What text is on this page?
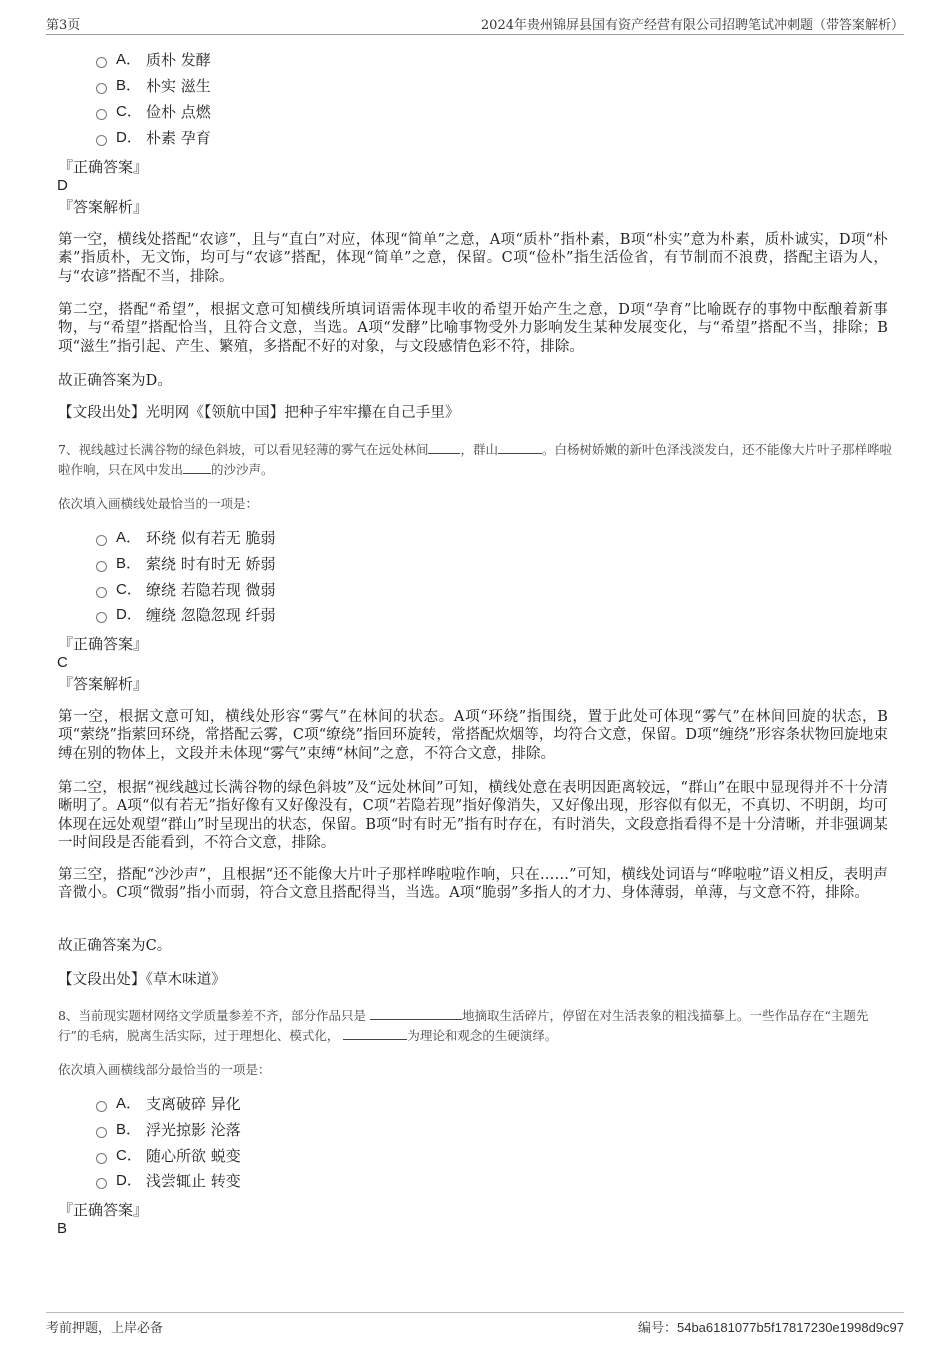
第3页	2024年贵州锦屏县国有资产经营有限公司招聘笔试冲刺题（带答案解析）
A． 质朴 发酵
B． 朴实 滋生
C． 俭朴 点燃
D． 朴素 孕育
『正确答案』
D
『答案解析』
第一空，横线处搭配“农谚”，且与“直白”对应，体现“简单”之意，A项“质朴”指朴素，B项“朴实”意为朴素，质朴诚实，D项“朴素”指质朴，无文饰，均可与“农谚”搭配，体现“简单”之意，保留。C项“俭朴”指生活俭省，有节制而不浪费，搭配主语为人，与“农谚”搭配不当，排除。
第二空，搭配“希望”，根据文意可知横线所填词语需体现丰收的希望开始产生之意，D项“孕育”比喻既存的事物中酝酿着新事物，与“希望”搭配恰当，且符合文意，当选。A项“发酵”比喻事物受外力影响发生某种发展变化，与“希望”搭配不当，排除；B项“滋生”指引起、产生、繁殖，多搭配不好的对象，与文段感情色彩不符，排除。
故正确答案为D。
【文段出处】光明网《【领航中国】把种子牢牢攥在自己手里》
7、视线越过长满谷物的绿色斜坡，可以看见轻薄的雾气在远处林间	，群山	。白杨树娇嫩的新叶色泽浅淡发白，还不能像大片叶子那样哗啦啦作响，只在风中发出 的沙沙声。
依次填入画横线处最恰当的一项是：
A． 环绕 似有若无 脆弱
B． 萦绕 时有时无 娇弱
C． 缭绕 若隐若现 微弱
D． 缠绕 忽隐忽现 纤弱
『正确答案』
C
『答案解析』
第一空，根据文意可知，横线处形容“雾气”在林间的状态。A项“环绕”指围绕，置于此处可体现“雾气”在林间回旋的状态，B项“萦绕”指萦回环绕，常搭配云雾，C项“缭绕”指回环旋转，常搭配炊烟等，均符合文意，保留。D项“缠绕”形容条状物回旋地束缚在别的物体上，文段并未体现“雾气”束缚“林间”之意，不符合文意，排除。
第二空，根据“视线越过长满谷物的绿色斜坡”及“远处林间”可知，横线处意在表明因距离较远，“群山”在眼中显现得并不十分清晰明了。A项“似有若无”指好像有又好像没有，C项“若隐若现”指好像消失，又好像出现，形容似有似无，不真切、不明朗，均可体现在远处观望“群山”时呈现出的状态，保留。B项“时有时无”指有时存在，有时消失，文段意指看得不是十分清晰，并非强调某一时间段是否能看到，不符合文意，排除。
第三空，搭配“沙沙声”，且根据“还不能像大片叶子那样哗啦啦作响，只在……”可知，横线处词语与“哗啦啦”语义相反，表明声音微小。C项“微弱”指小而弱，符合文意且搭配得当，当选。A项“脆弱”多指人的才力、身体薄弱，单薄，与文意不符，排除。
故正确答案为C。
【文段出处】《草木味道》
8、当前现实题材网络文学质量参差不齐，部分作品只是	地摘取生活碎片，停留在对生活表象的粗浅描摹上。一些作品存在“主题先行”的毛病，脱离生活实际，过于理想化、模式化，	为理论和观念的生硬演绎。
依次填入画横线部分最恰当的一项是：
A． 支离破碎 异化
B． 浮光掠影 沦落
C． 随心所欲 蜕变
D． 浅尝辄止 转变
『正确答案』
B
考前押题，上岸必备	编号：54ba6181077b5f17817230e1998d9c97
